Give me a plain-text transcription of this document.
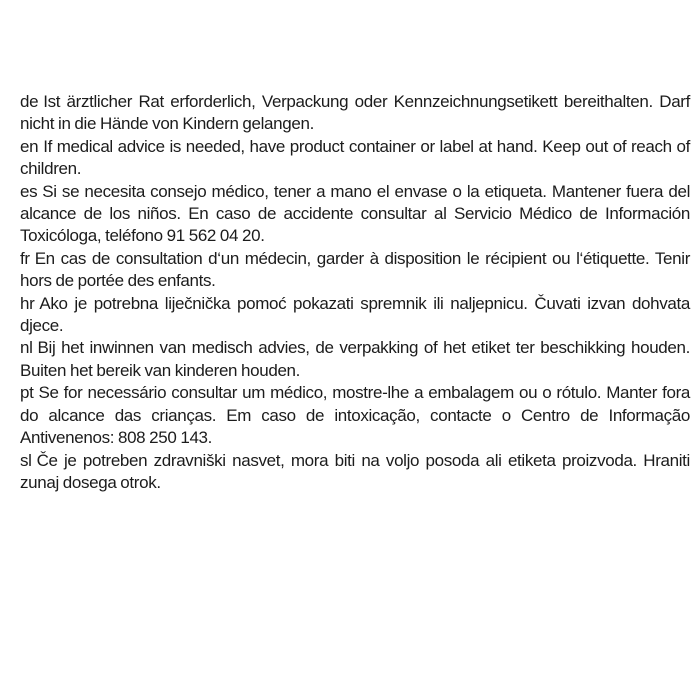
de Ist ärztlicher Rat erforderlich, Verpackung oder Kennzeichnungsetikett bereithalten. Darf nicht in die Hände von Kindern gelangen.

en If medical advice is needed, have product container or label at hand. Keep out of reach of children.

es Si se necesita consejo médico, tener a mano el envase o la etiqueta. Mantener fuera del alcance de los niños. En caso de accidente consultar al Servicio Médico de Información Toxicóloga, teléfono 91 562 04 20.

fr En cas de consultation d‘un médecin, garder à disposition le récipient ou l‘étiquette. Tenir hors de portée des enfants.

hr Ako je potrebna liječnička pomoć pokazati spremnik ili naljepnicu. Čuvati izvan dohvata djece.

nl Bij het inwinnen van medisch advies, de verpakking of het etiket ter beschikking houden. Buiten het bereik van kinderen houden.

pt Se for necessário consultar um médico, mostre-lhe a embalagem ou o rótulo. Manter fora do alcance das crianças. Em caso de intoxicação, contacte o Centro de Informação Antivenenos: 808 250 143.

sl Če je potreben zdravniški nasvet, mora biti na voljo posoda ali etiketa proizvoda. Hraniti zunaj dosega otrok.
